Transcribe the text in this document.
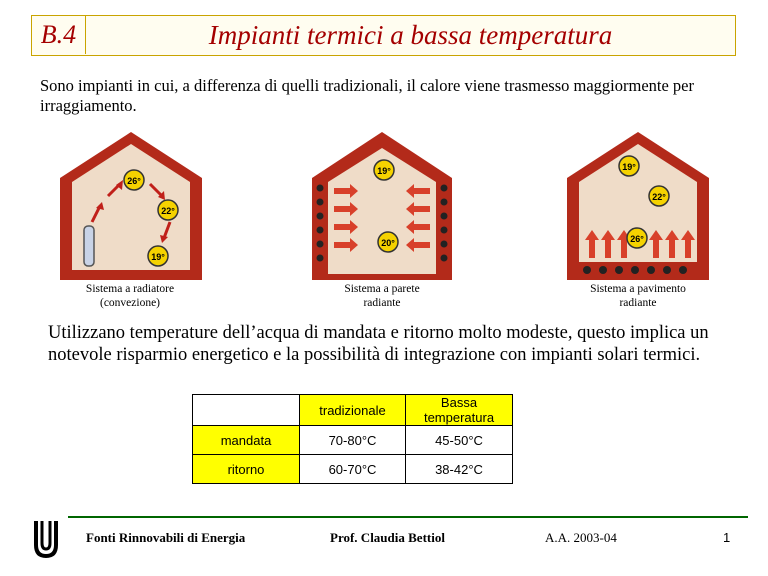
B.4	Impianti termici a bassa temperatura
Sono impianti in cui, a differenza di quelli tradizionali, il calore viene trasmesso maggiormente per irraggiamento.
26°
22°
19°
Sistema a radiatore
(convezione)
19°
20°
Sistema a parete
radiante
19°
22°
26°
Sistema a pavimento
radiante
Utilizzano temperature dell’acqua di mandata e ritorno molto modeste, questo implica un notevole risparmio energetico e la possibilità di integrazione con impianti solari termici.
	tradizionale	Bassa temperatura
mandata	70-80°C	45-50°C
ritorno	60-70°C	38-42°C
Fonti Rinnovabili di Energia	Prof. Claudia Bettiol	A.A. 2003-04	1
